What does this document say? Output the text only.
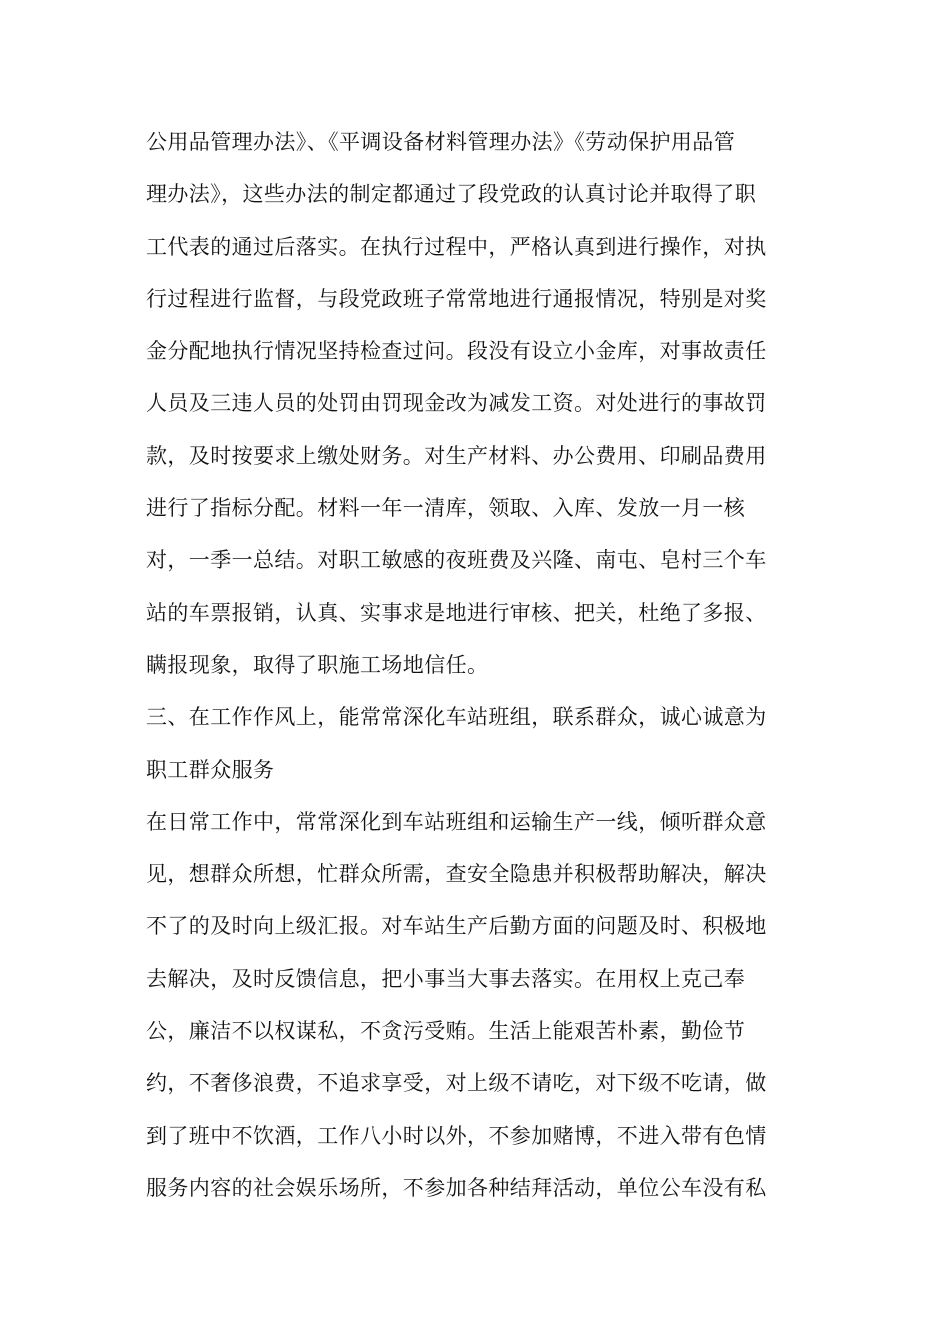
公用品管理办法》、《平调设备材料管理办法》《劳动保护用品管
理办法》，这些办法的制定都通过了段党政的认真讨论并取得了职
工代表的通过后落实。在执行过程中，严格认真到进行操作，对执
行过程进行监督，与段党政班子常常地进行通报情况，特别是对奖
金分配地执行情况坚持检查过问。段没有设立小金库，对事故责任
人员及三违人员的处罚由罚现金改为减发工资。对处进行的事故罚
款，及时按要求上缴处财务。对生产材料、办公费用、印刷品费用
进行了指标分配。材料一年一清库，领取、入库、发放一月一核
对，一季一总结。对职工敏感的夜班费及兴隆、南屯、皂村三个车
站的车票报销，认真、实事求是地进行审核、把关，杜绝了多报、
瞒报现象，取得了职施工场地信任。
三、在工作作风上，能常常深化车站班组，联系群众，诚心诚意为
职工群众服务
在日常工作中，常常深化到车站班组和运输生产一线，倾听群众意
见，想群众所想，忙群众所需，查安全隐患并积极帮助解决，解决
不了的及时向上级汇报。对车站生产后勤方面的问题及时、积极地
去解决，及时反馈信息，把小事当大事去落实。在用权上克己奉
公，廉洁不以权谋私，不贪污受贿。生活上能艰苦朴素，勤俭节
约，不奢侈浪费，不追求享受，对上级不请吃，对下级不吃请，做
到了班中不饮酒，工作八小时以外，不参加赌博，不进入带有色情
服务内容的社会娱乐场所，不参加各种结拜活动，单位公车没有私
